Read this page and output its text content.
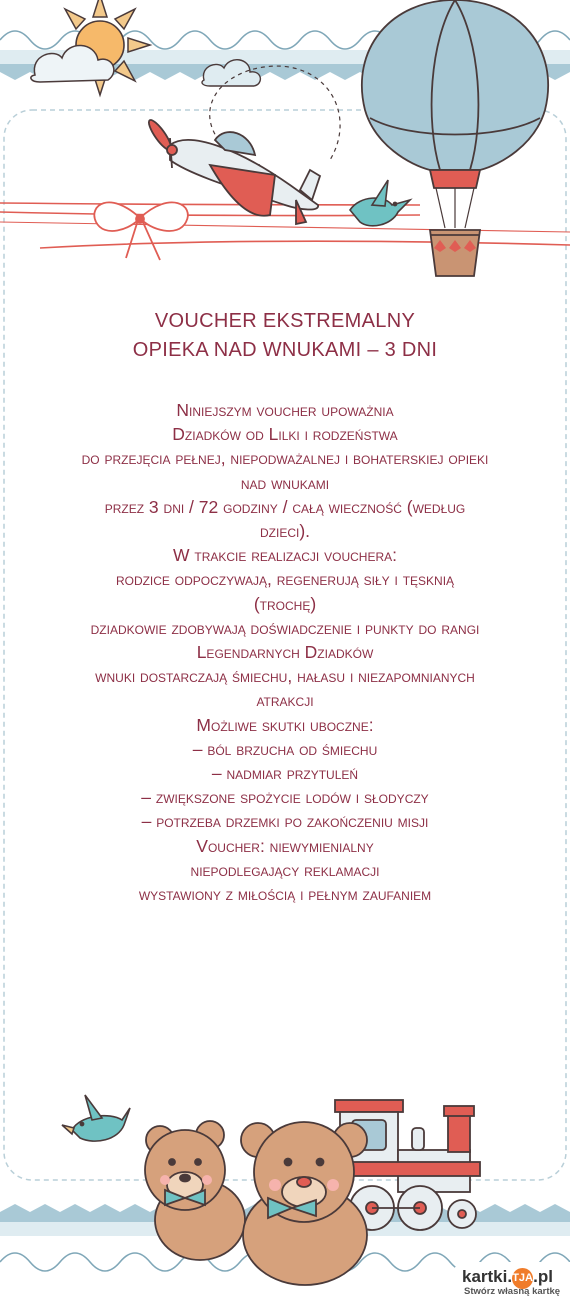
VOUCHER EKSTREMALNY
OPIEKA NAD WNUKAMI – 3 DNI
Niniejszym voucher upoważnia
Dziadków od Lilki i rodzeństwa
do przejęcia pełnej, niepodważalnej i bohaterskiej opieki
nad wnukami
przez 3 dni / 72 godziny / całą wieczność (według
dzieci).
W trakcie realizacji vouchera:
rodzice odpoczywają, regenerują siły i tęsknią
(trochę)
dziadkowie zdobywają doświadczenie i punkty do rangi
Legendarnych Dziadków
wnuki dostarczają śmiechu, hałasu i niezapomnianych
atrakcji
Możliwe skutki uboczne:
– ból brzucha od śmiechu
– nadmiar przytuleń
– zwiększone spożycie lodów i słodyczy
– potrzeba drzemki po zakończeniu misji
Voucher: niewymienialny
niepodlegający reklamacji
wystawiony z miłością i pełnym zaufaniem
kartki.TJA.pl
Stwórz własną kartkę
